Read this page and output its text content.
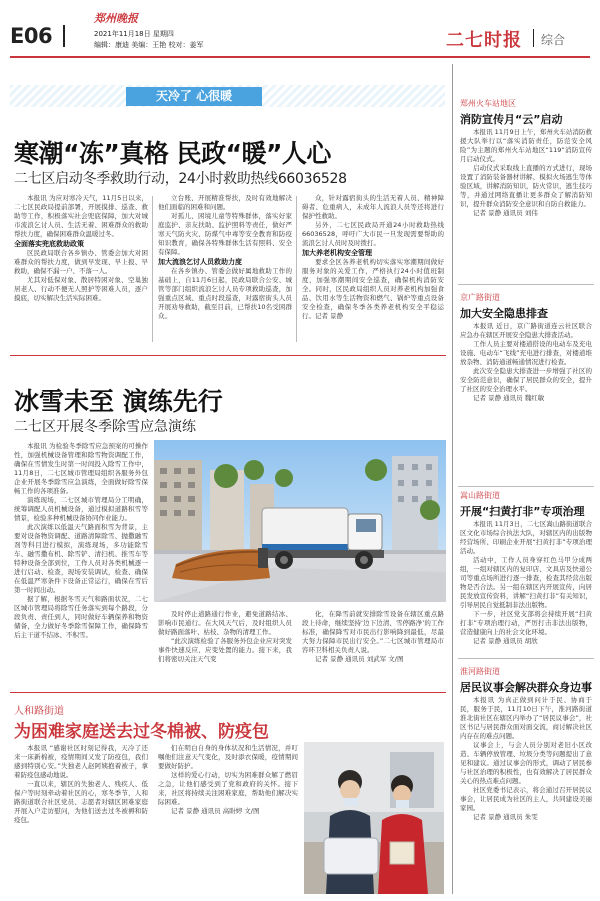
E06
郑州晚报
2021年11月18日 星期四
编辑：康迪 美编：王艳 校对：姜军	二七时报 综合
天冷了 心很暖
寒潮“冻”真格 民政“暖”人心
二七区启动冬季救助行动，24小时救助热线66036528

本报讯 为应对寒冷天气，11月5日以来，二七区民政局提前部署，开展摸排、巡查、救助等工作，积极落实社会兜底保障，加大对城市流浪乞讨人员、生活无着、困难群众的救助帮扶力度，确保困难群众温暖过冬。

全面落实兜底救助政策

区民政局联合各乡镇办、管委会加大对困难群众的帮扶力度，做到早发现、早上报、早救助，确保不漏一户、不落一人。

尤其对低保对象、散居特困对象、空巢独居老人、行动不便无人照护等困难人员，逐户摸底，切实解决生活实际困难。

立台账、开展精准帮扶，及时有效地解决他们面临的困难和问题。

对孤儿、困境儿童等特殊群体，落实好家庭监护、亲友扶助、监护照料等责任，做好严寒天气防火灾、防煤气中毒等安全教育和防疫知识教育，确保各特殊群体生活有照料、安全有保障。

加大流浪乞讨人员救助力度

在各乡镇办、管委会做好属地救助工作的基础上，自11月6日起，民政局联合公安、城管等部门组织流浪乞讨人员专项救助巡查，加强重点区域、重点时段巡查，对露宿街头人员开展劝导救助，截至目前，已帮扶10名受困群众。

众，针对露宿街头的生活无着人员、精神障碍者、危重病人，未成年人流浪人员等还将进行保护性救助。

另外，二七区民政局开通24小时救助热线66036528，呼吁广大市民一旦发现需要帮助的流浪乞讨人员时及时拨打。

加大养老机构安全管理

要求全区各养老机构切实落实寒潮期间做好服务对象的关爱工作，严格执行24小时值班制度，加强寒潮期间安全巡查，确保机构消防安全。同时，区民政局组织人员对养老机构加强食品、饮用水等生活物资和燃气、锅炉等重点设备安全检查，确保冬季各类养老机构安全平稳运行。记者 景静

冰雪未至 演练先行
二七区开展冬季除雪应急演练

本报讯 为检验冬季除雪应急预案的可操作性，加强机械设备管理和除雪物资调配工作，确保在雪情发生时第一时间投入除雪工作中，11月8日，二七区城市管理局组织各服务外包企业开展冬季除雪应急演练，全面做好除雪保畅工作的各项准备。

演练现场，二七区城市管理局分工明确，统筹调配人员机械设备，通过模拟道路积雪等情景，检验多种机械设备协同作业能力。

此次演练以低温天气路面积雪为背景，主要对设备物资调配、道路清障除雪、抛撒融雪剂等科目进行模拟，演练现场，多功能除雪车、融雪撒布机、除雪铲、清扫机、推雪车等特种设备全部到位，工作人员对各类机械逐一进行启动、检查，现场安装调试，检查、确保在低温严寒条件下设备正常运行，确保在雪后第一时间出动。

据了解，根据冬雪天气和路面状况，二七区城市管理局将除雪任务落实到每个路段，分段负责、责任到人，同时做好车辆保养和物资储备，全力做好冬季除雪保障工作，确保降雪后主干道不结冰、不积雪。

及时停止道路通行作业，避免道路结冰、影响市民通行。在大风天气后，及时组织人员做好路面落叶、枯枝、杂物的清理工作。

“此次演练检验了各服务外包企业应对突发事件快速反应、应变处置的能力。接下来，我们将密切关注天气变

化，在降雪前就安排除雪设备在辖区重点路段上待命，继续坚持‘边下边清、雪停路净’的工作标准，确保降雪对市民出行影响降到最低，尽最大努力保障市民出行安全。”二七区城市管理局市容环卫科相关负责人说。

记者 景静 通讯员 刘武军 文/图

人和路街道
为困难家庭送去过冬棉被、防疫包

本报讯 “感谢社区时刻记得我，天冷了还来一床新棉被，疫情期间又发了防疫包，我们感到特别心安。”失独老人赵阿姨抱着被子，拿着防疫包感动地说。

一直以来，辖区的失独老人、残疾人、低保户等时刻牵动着社区的心，寒冬季节，人和路街道联合社区党员、志愿者对辖区困难家庭开展入户走访慰问，为他们送去过冬被褥和防疫包。

们在明白自身的身体状况和生活情况，并叮嘱他们注意天气变化，及时添衣保暖，疫情期间要做好防护。

这样的爱心行动，切实为困难群众解了燃眉之急，让他们感受到了党和政府的关怀。接下来，社区将持续关注困难家庭，帮助他们解决实际困难。

记者 景静 通讯员 高盼婷 文/图

郑州火车站地区
消防宣传月“云”启动

本报讯 11月9日上午，郑州火车站消防救援大队举行以“落实消防责任，防范安全风险”为主题的郑州火车站地区“119”消防宣传月启动仪式。

启动仪式采取线上直播的方式进行，现场设置了消防装备器材讲解、模拟火场逃生等体验区域，讲解消防知识，防火常识，逃生技巧等，并通过网络直播让更多群众了解消防知识，提升群众消防安全意识和自防自救能力。

记者 景静 通讯员 刘伟

京广路街道
加大安全隐患排查

本报讯 近日，京广路街道连云社区联合应急办在辖区开展安全隐患大排查活动。

工作人员主要对楼道搭设的电动车及充电设施、电动车“飞线”充电进行排查，对楼道堆放杂物、消防通道畅通情况进行检查。

此次安全隐患大排查进一步增强了社区的安全防范意识，确保了居民群众的安全，提升了社区的安全治理水平。

记者 景静 通讯员 魏红敏

嵩山路街道
开展“扫黄打非”专项治理

本报讯 11月3日，二七区嵩山路街道联合区文化市场综合执法大队，对辖区内的出版物经营场所、印刷企业开展“扫黄打非”专项治理活动。

活动中，工作人员身穿红色马甲分成两组，一组对辖区内的复印店、文具店及快递公司等重点场所进行逐一排查，检查其经营出版物是否合法。另一组在辖区内开展宣传，向居民发放宣传资料，讲解“扫黄打非”有关知识，引导居民自觉抵制非法出版物。

下一步，社区党支部将会持续开展“扫黄打非”专项治理行动，严厉打击非法出版物，营造健康向上的社会文化环境。

记者 景静 通讯员 胡欣

淮河路街道
居民议事会解决群众身边事

本报讯 为真正做到问计于民、协商于民，服务于民，11月10日下午，淮河路街道淮北街社区在辖区内举办了“居民议事会”，社区书记与居民群众面对面交流，商讨解决社区内存在的难点问题。

议事会上，与会人员分别对老旧小区改造、车辆停放管理、垃圾分类等问题提出了意见和建议。通过议事会的形式，调动了居民参与社区治理的积极性，也有效解决了居民群众关心的热点难点问题。

社区党委书记表示，将会通过召开居民议事会，让居民成为社区的主人，共同建设美丽家园。

记者 景静 通讯员 朱雯
